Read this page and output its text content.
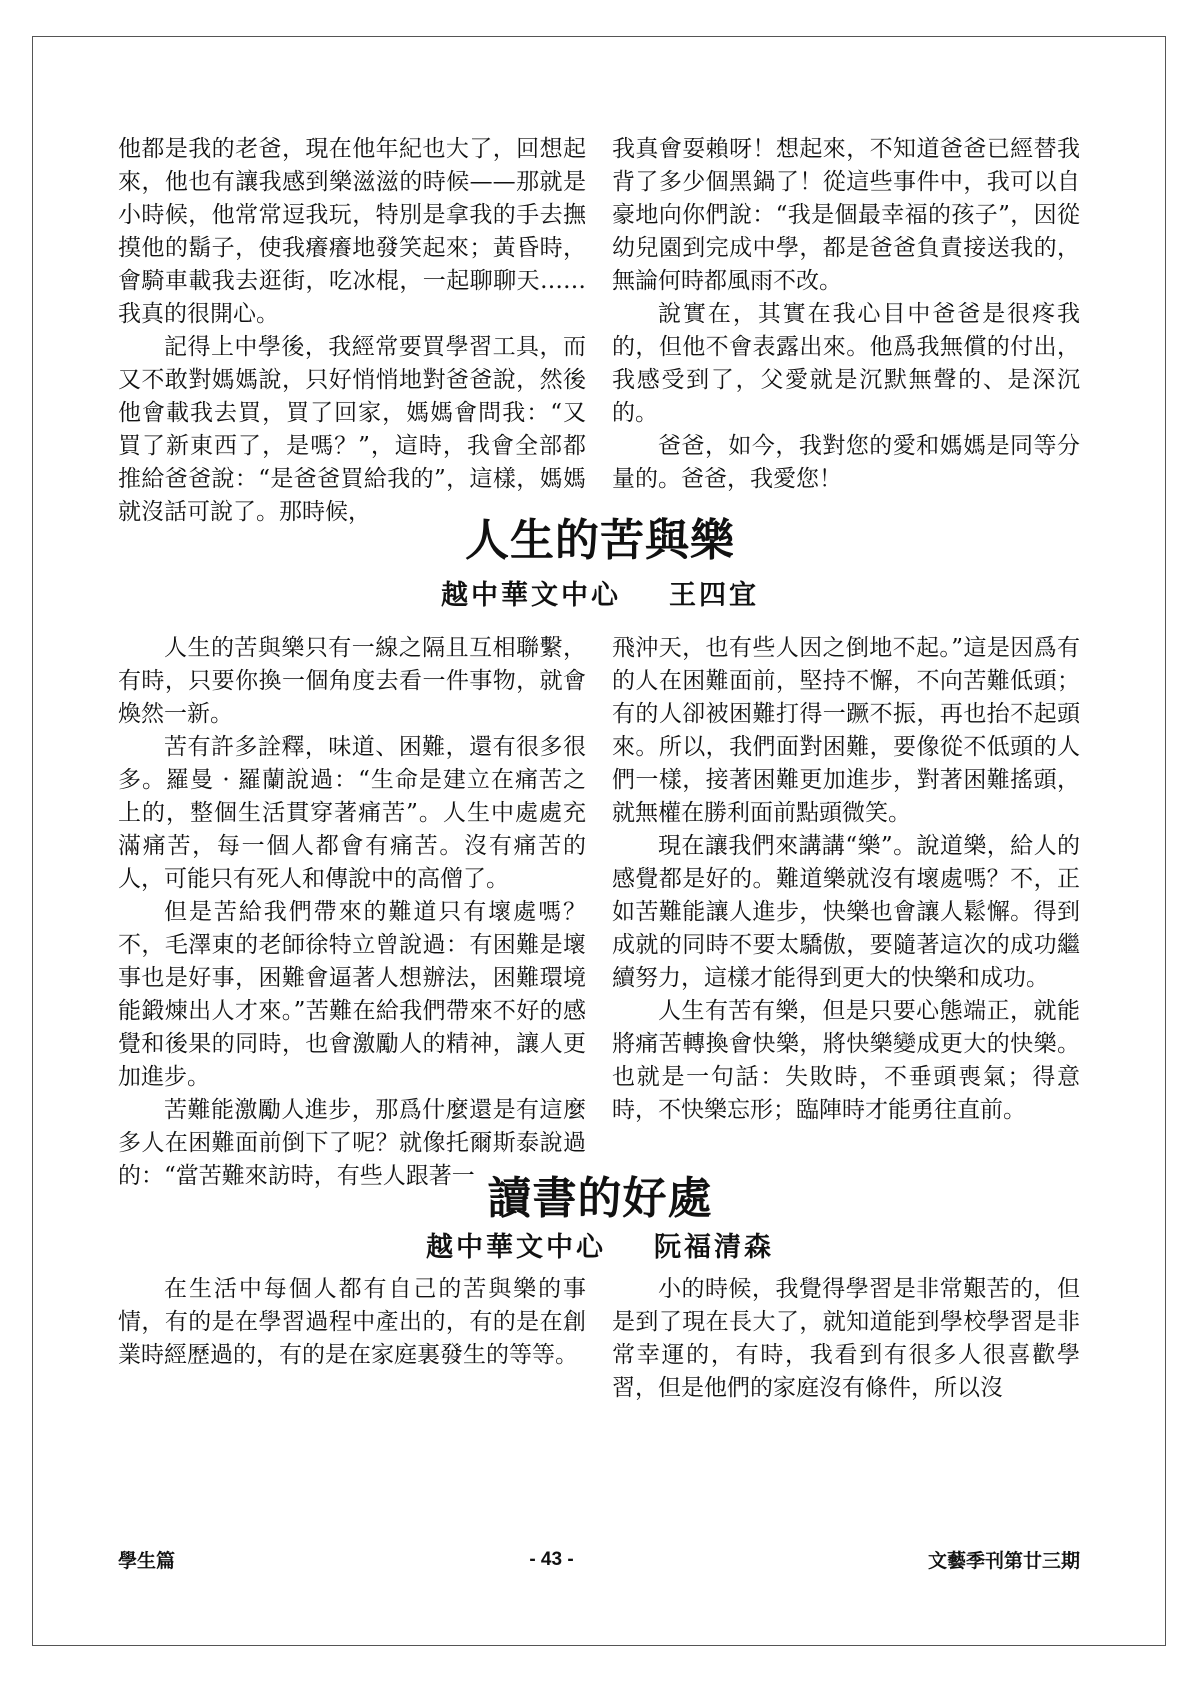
他都是我的老爸，現在他年紀也大了，回想起來，他也有讓我感到樂滋滋的時候——那就是小時候，他常常逗我玩，特別是拿我的手去撫摸他的鬍子，使我癢癢地發笑起來；黃昏時，會騎車載我去逛街，吃冰棍，一起聊聊天……我真的很開心。

記得上中學後，我經常要買學習工具，而又不敢對媽媽說，只好悄悄地對爸爸說，然後他會載我去買，買了回家，媽媽會問我：“又買了新東西了，是嗎？”，這時，我會全部都推給爸爸說：“是爸爸買給我的”，這樣，媽媽就沒話可說了。那時候，

我真會耍賴呀！想起來，不知道爸爸已經替我背了多少個黑鍋了！從這些事件中，我可以自豪地向你們說：“我是個最幸福的孩子”，因從幼兒園到完成中學，都是爸爸負責接送我的，無論何時都風雨不改。

說實在，其實在我心目中爸爸是很疼我的，但他不會表露出來。他爲我無償的付出，我感受到了，父愛就是沉默無聲的、是深沉的。

爸爸，如今，我對您的愛和媽媽是同等分量的。爸爸，我愛您！

人生的苦與樂
越中華文中心 王四宜

人生的苦與樂只有一線之隔且互相聯繫，有時，只要你換一個角度去看一件事物，就會煥然一新。

苦有許多詮釋，味道、困難，還有很多很多。羅曼 · 羅蘭說過：“生命是建立在痛苦之上的，整個生活貫穿著痛苦”。人生中處處充滿痛苦，每一個人都會有痛苦。沒有痛苦的人，可能只有死人和傳說中的高僧了。

但是苦給我們帶來的難道只有壞處嗎？不，毛澤東的老師徐特立曾說過：有困難是壞事也是好事，困難會逼著人想辦法，困難環境能鍛煉出人才來。”苦難在給我們帶來不好的感覺和後果的同時，也會激勵人的精神，讓人更加進步。

苦難能激勵人進步，那爲什麼還是有這麼多人在困難面前倒下了呢？就像托爾斯泰說過的：“當苦難來訪時，有些人跟著一

飛沖天，也有些人因之倒地不起。”這是因爲有的人在困難面前，堅持不懈，不向苦難低頭；有的人卻被困難打得一蹶不振，再也抬不起頭來。所以，我們面對困難，要像從不低頭的人們一樣，接著困難更加進步，對著困難搖頭，就無權在勝利面前點頭微笑。

現在讓我們來講講“樂”。說道樂，給人的感覺都是好的。難道樂就沒有壞處嗎？不，正如苦難能讓人進步，快樂也會讓人鬆懈。得到成就的同時不要太驕傲，要隨著這次的成功繼續努力，這樣才能得到更大的快樂和成功。

人生有苦有樂，但是只要心態端正，就能將痛苦轉換會快樂，將快樂變成更大的快樂。也就是一句話：失敗時，不垂頭喪氣；得意時，不快樂忘形；臨陣時才能勇往直前。

讀書的好處
越中華文中心 阮福清森

在生活中每個人都有自己的苦與樂的事情，有的是在學習過程中產出的，有的是在創業時經歷過的，有的是在家庭裏發生的等等。

小的時候，我覺得學習是非常艱苦的，但是到了現在長大了，就知道能到學校學習是非常幸運的，有時，我看到有很多人很喜歡學習，但是他們的家庭沒有條件，所以沒

學生篇	- 43 -	文藝季刊第廿三期
